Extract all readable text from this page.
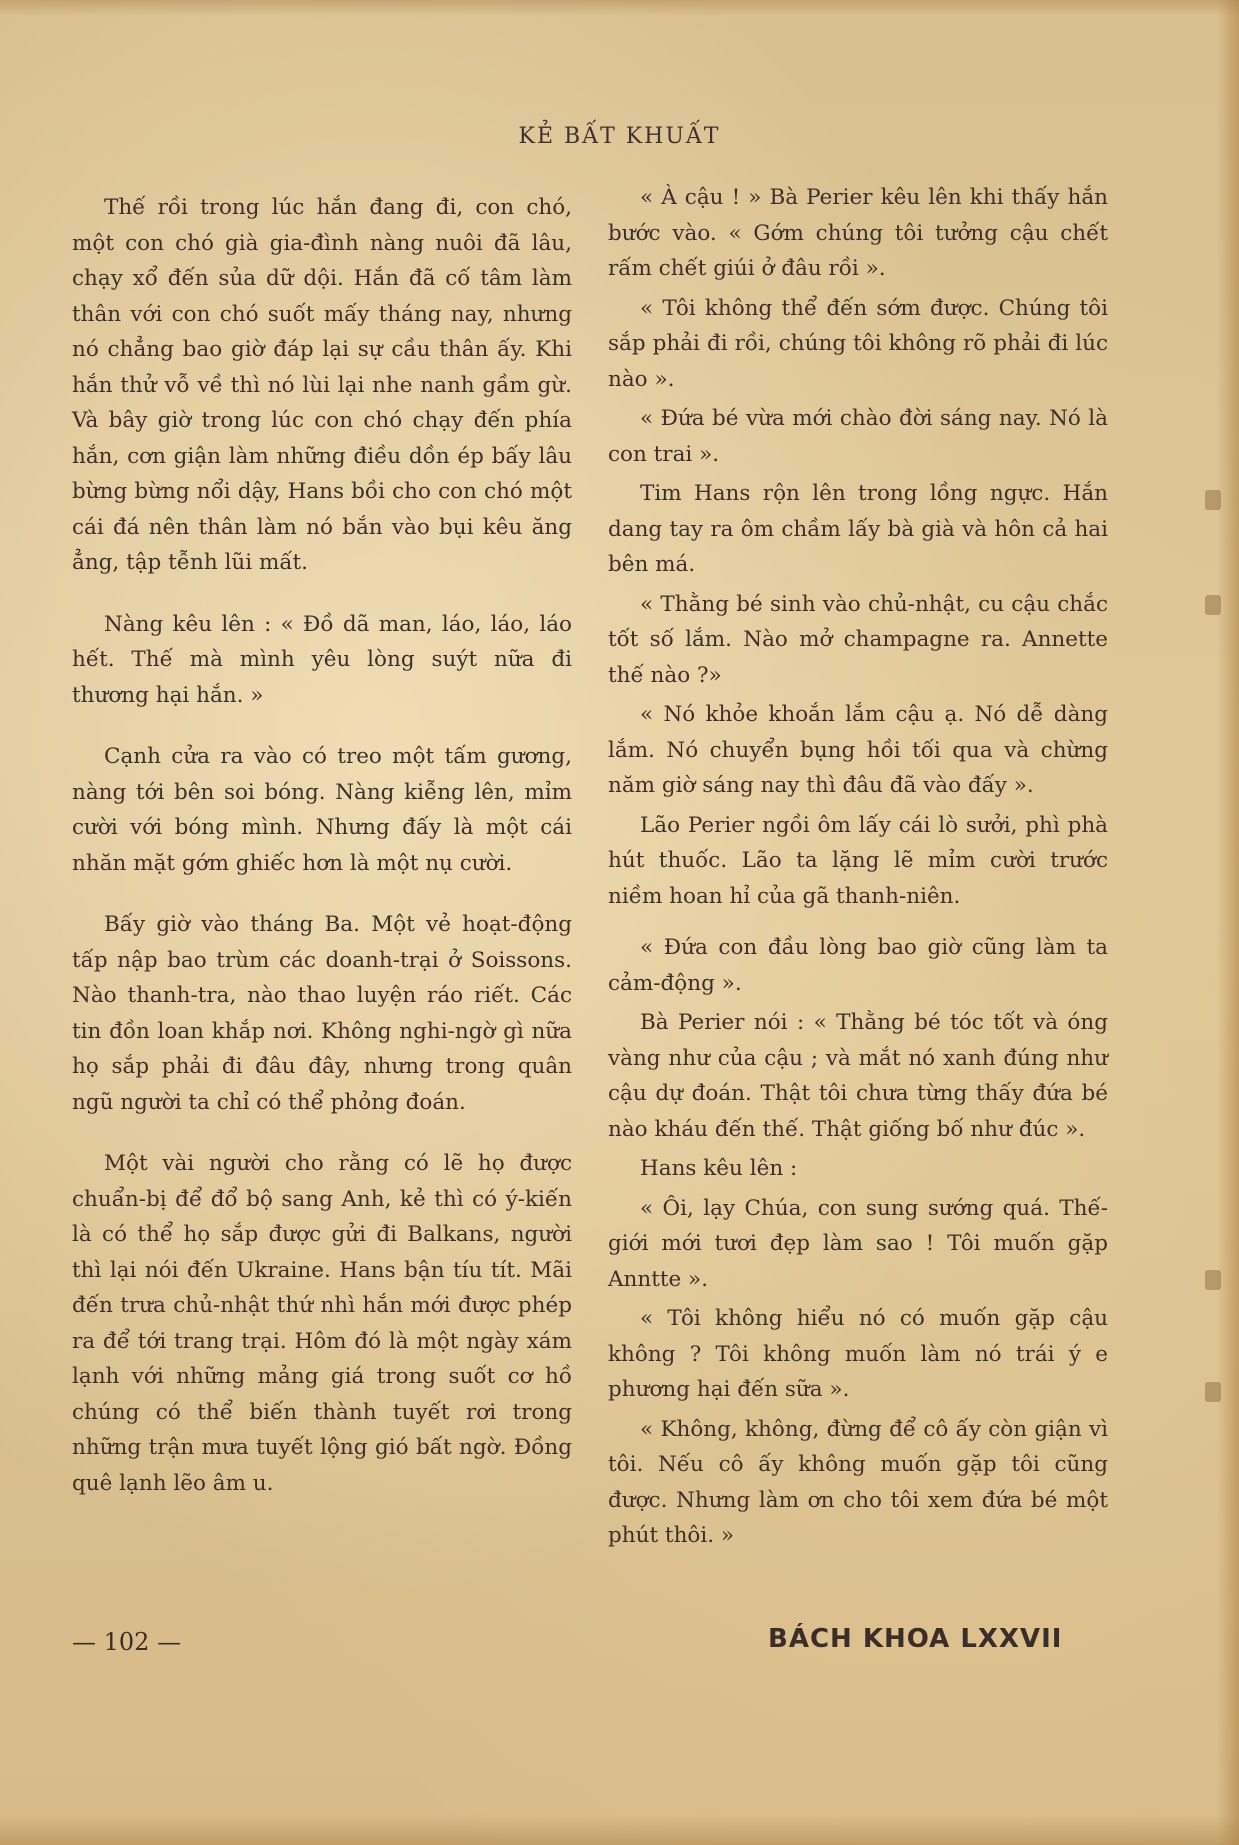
KẺ BẤT KHUẤT

Thế rồi trong lúc hắn đang đi, con chó, một con chó già gia-đình nàng nuôi đã lâu, chạy xổ đến sủa dữ dội. Hắn đã cố tâm làm thân với con chó suốt mấy tháng nay, nhưng nó chẳng bao giờ đáp lại sự cầu thân ấy. Khi hắn thử vỗ về thì nó lùi lại nhe nanh gầm gừ. Và bây giờ trong lúc con chó chạy đến phía hắn, cơn giận làm những điều dồn ép bấy lâu bừng bừng nổi dậy, Hans bồi cho con chó một cái đá nên thân làm nó bắn vào bụi kêu ăng ẳng, tập tễnh lũi mất.

Nàng kêu lên : « Đồ dã man, láo, láo, láo hết. Thế mà mình yêu lòng suýt nữa đi thương hại hắn. »

Cạnh cửa ra vào có treo một tấm gương, nàng tới bên soi bóng. Nàng kiễng lên, mỉm cười với bóng mình. Nhưng đấy là một cái nhăn mặt gớm ghiếc hơn là một nụ cười.

Bấy giờ vào tháng Ba. Một vẻ hoạt-động tấp nập bao trùm các doanh-trại ở Soissons. Nào thanh-tra, nào thao luyện ráo riết. Các tin đồn loan khắp nơi. Không nghi-ngờ gì nữa họ sắp phải đi đâu đây, nhưng trong quân ngũ người ta chỉ có thể phỏng đoán.

Một vài người cho rằng có lẽ họ được chuẩn-bị để đổ bộ sang Anh, kẻ thì có ý-kiến là có thể họ sắp được gửi đi Balkans, người thì lại nói đến Ukraine. Hans bận tíu tít. Mãi đến trưa chủ-nhật thứ nhì hắn mới được phép ra để tới trang trại. Hôm đó là một ngày xám lạnh với những mảng giá trong suốt cơ hồ chúng có thể biến thành tuyết rơi trong những trận mưa tuyết lộng gió bất ngờ. Đồng quê lạnh lẽo âm u.

« À cậu ! » Bà Perier kêu lên khi thấy hắn bước vào. « Gớm chúng tôi tưởng cậu chết rấm chết giúi ở đâu rồi ».

« Tôi không thể đến sớm được. Chúng tôi sắp phải đi rồi, chúng tôi không rõ phải đi lúc nào ».

« Đứa bé vừa mới chào đời sáng nay. Nó là con trai ».

Tim Hans rộn lên trong lồng ngực. Hắn dang tay ra ôm chầm lấy bà già và hôn cả hai bên má.

« Thằng bé sinh vào chủ-nhật, cu cậu chắc tốt số lắm. Nào mở champagne ra. Annette thế nào ?»

« Nó khỏe khoắn lắm cậu ạ. Nó dễ dàng lắm. Nó chuyển bụng hồi tối qua và chừng năm giờ sáng nay thì đâu đã vào đấy ».

Lão Perier ngồi ôm lấy cái lò sưởi, phì phà hút thuốc. Lão ta lặng lẽ mỉm cười trước niềm hoan hỉ của gã thanh-niên.

« Đứa con đầu lòng bao giờ cũng làm ta cảm-động ».

Bà Perier nói : « Thằng bé tóc tốt và óng vàng như của cậu ; và mắt nó xanh đúng như cậu dự đoán. Thật tôi chưa từng thấy đứa bé nào kháu đến thế. Thật giống bố như đúc ».

Hans kêu lên :

« Ôi, lạy Chúa, con sung sướng quá. Thế-giới mới tươi đẹp làm sao ! Tôi muốn gặp Anntte ».

« Tôi không hiểu nó có muốn gặp cậu không ? Tôi không muốn làm nó trái ý e phương hại đến sữa ».

« Không, không, đừng để cô ấy còn giận vì tôi. Nếu cô ấy không muốn gặp tôi cũng được. Nhưng làm ơn cho tôi xem đứa bé một phút thôi. »

— 102 —	BÁCH KHOA LXXVII
